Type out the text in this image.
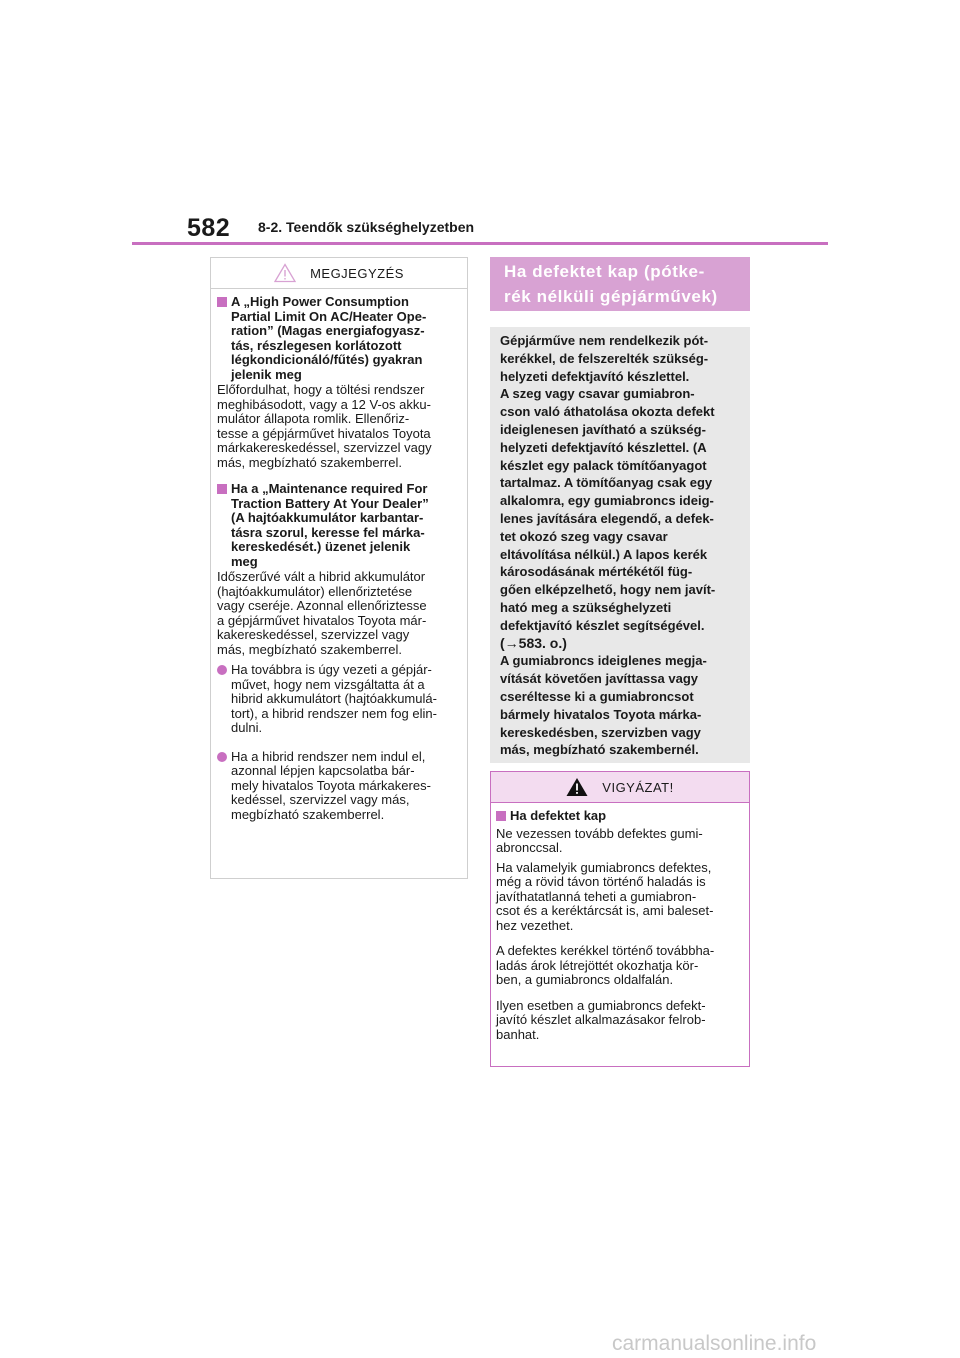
582 8-2. Teendők szükséghelyzetben
MEGJEGYZÉS
A „High Power Consumption
Partial Limit On AC/Heater Ope-
ration” (Magas energiafogyasz-
tás, részlegesen korlátozott
légkondicionáló/fűtés) gyakran
jelenik meg
Előfordulhat, hogy a töltési rendszer
meghibásodott, vagy a 12 V-os akku-
mulátor állapota romlik. Ellenőriz-
tesse a gépjárművet hivatalos Toyota
márkakereskedéssel, szervizzel vagy
más, megbízható szakemberrel.
Ha a „Maintenance required For
Traction Battery At Your Dealer”
(A hajtóakkumulátor karbantar-
tásra szorul, keresse fel márka-
kereskedését.) üzenet jelenik
meg
Időszerűvé vált a hibrid akkumulátor
(hajtóakkumulátor) ellenőriztetése
vagy cseréje. Azonnal ellenőriztesse
a gépjárművet hivatalos Toyota már-
kakereskedéssel, szervizzel vagy
más, megbízható szakemberrel.
Ha továbbra is úgy vezeti a gépjár-
művet, hogy nem vizsgáltatta át a
hibrid akkumulátort (hajtóakkumulá-
tort), a hibrid rendszer nem fog elin-
dulni.
Ha a hibrid rendszer nem indul el,
azonnal lépjen kapcsolatba bár-
mely hivatalos Toyota márkakeres-
kedéssel, szervizzel vagy más,
megbízható szakemberrel.
Ha defektet kap (pótke-
rék nélküli gépjárművek)
Gépjárműve nem rendelkezik pót-
kerékkel, de felszerelték szükség-
helyzeti defektjavító készlettel.
A szeg vagy csavar gumiabron-
cson való áthatolása okozta defekt
ideiglenesen javítható a szükség-
helyzeti defektjavító készlettel. (A
készlet egy palack tömítőanyagot
tartalmaz. A tömítőanyag csak egy
alkalomra, egy gumiabroncs ideig-
lenes javítására elegendő, a defek-
tet okozó szeg vagy csavar
eltávolítása nélkül.) A lapos kerék
károsodásának mértékétől füg-
gően elképzelhető, hogy nem javít-
ható meg a szükséghelyzeti
defektjavító készlet segítségével.
(→583. o.)
A gumiabroncs ideiglenes megja-
vítását követően javíttassa vagy
cseréltesse ki a gumiabroncsot
bármely hivatalos Toyota márka-
kereskedésben, szervizben vagy
más, megbízható szakembernél.
VIGYÁZAT!
Ha defektet kap
Ne vezessen tovább defektes gumi-
abronccsal.
Ha valamelyik gumiabroncs defektes,
még a rövid távon történő haladás is
javíthatatlanná teheti a gumiabron-
csot és a keréktárcsát is, ami baleset-
hez vezethet.
A defektes kerékkel történő továbbha-
ladás árok létrejöttét okozhatja kör-
ben, a gumiabroncs oldalfalán.
Ilyen esetben a gumiabroncs defekt-
javító készlet alkalmazásakor felrob-
banhat.
carmanualsonline.info
